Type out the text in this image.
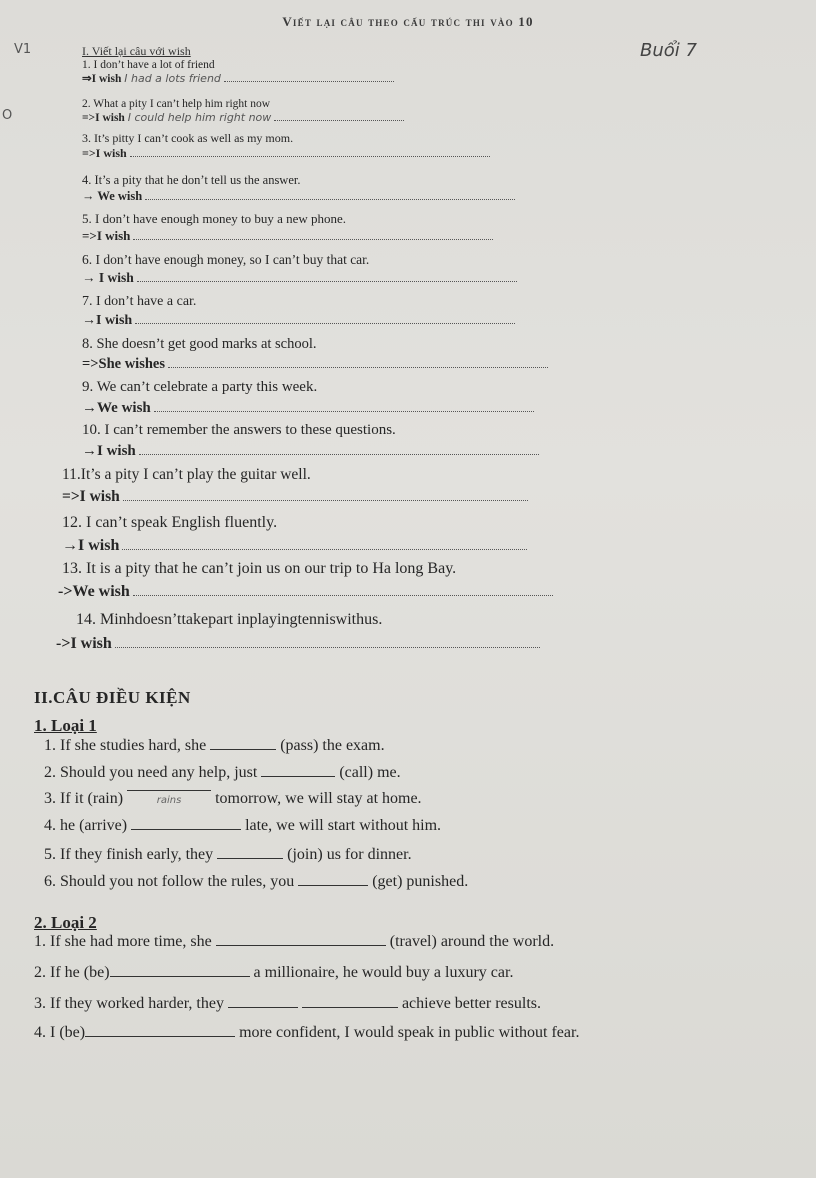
Viết lại câu theo cấu trúc thi vào 10
V1
O
I. Viết lại câu với wish	Buổi 7
1. I don’t have a lot of friend
⇒I wish I had a lots friend
2. What a pity I can’t help him right now
=>I wish I could help him right now
3. It’s pitty I can’t cook as well as my mom.
=>I wish
4. It’s a pity that he don’t tell us the answer.
→ We wish
5. I don’t have enough money to buy a new phone.
=>I wish
6. I don’t have enough money, so I can’t buy that car.
→ I wish
7. I don’t have a car.
→I wish
8. She doesn’t get good marks at school.
=>She wishes
9. We can’t celebrate a party this week.
→We wish
10. I can’t remember the answers to these questions.
→I wish
11.It’s a pity I can’t play the guitar well.
=>I wish
12. I can’t speak English fluently.
→I wish
13. It is a pity that he can’t join us on our trip to Ha long Bay.
->We wish
14. Minhdoesn’ttakepart inplayingtenniswithus.
->I wish
II.CÂU ĐIỀU KIỆN
1. Loại 1
1. If she studies hard, she	(pass) the exam.
2. Should you need any help, just	(call) me.
3. If it (rain)	rains tomorrow, we will stay at home.
4. he (arrive)	late, we will start without him.
5. If they finish early, they	(join) us for dinner.
6. Should you not follow the rules, you	(get) punished.
2. Loại 2
1. If she had more time, she	(travel) around the world.
2. If he (be)	a millionaire, he would buy a luxury car.
3. If they worked harder, they	achieve better results.
4. I (be)	more confident, I would speak in public without fear.
